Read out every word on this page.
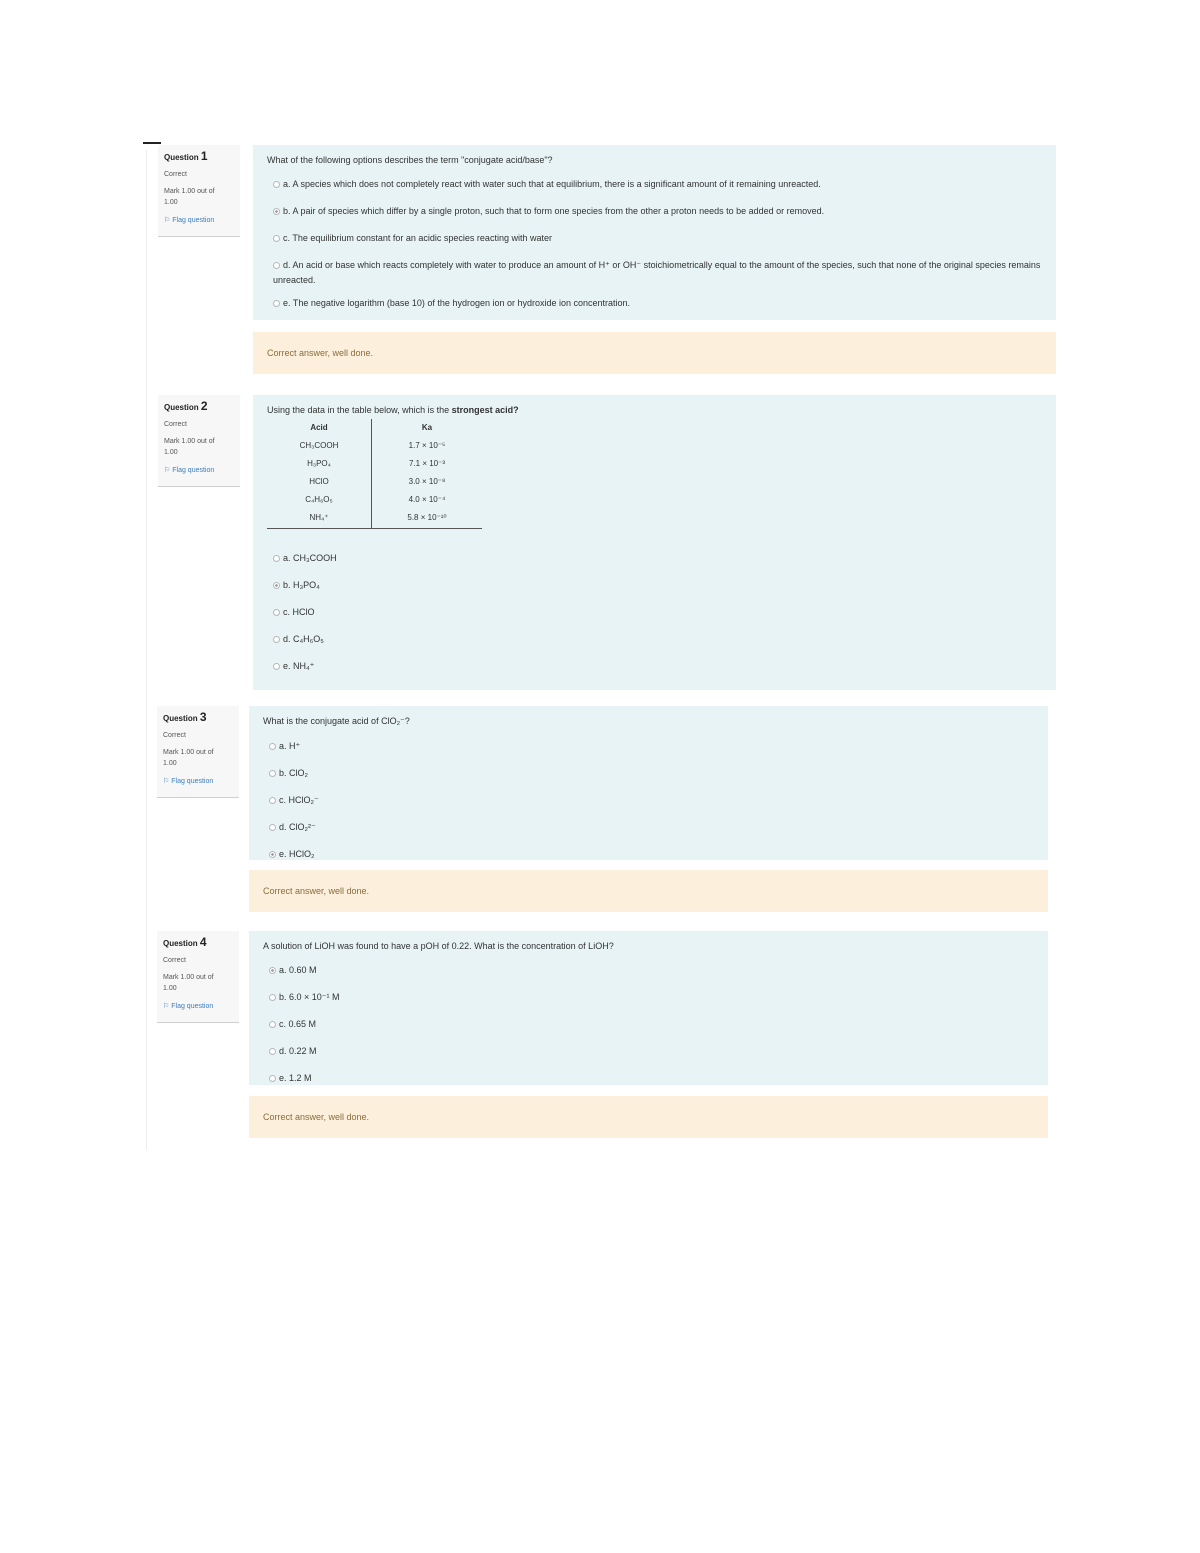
Question 1
Correct
Mark 1.00 out of 1.00
⚐ Flag question
What of the following options describes the term "conjugate acid/base"?
a. A species which does not completely react with water such that at equilibrium, there is a significant amount of it remaining unreacted.
b. A pair of species which differ by a single proton, such that to form one species from the other a proton needs to be added or removed.
c. The equilibrium constant for an acidic species reacting with water
d. An acid or base which reacts completely with water to produce an amount of H⁺ or OH⁻ stoichiometrically equal to the amount of the species, such that none of the original species remains unreacted.
e. The negative logarithm (base 10) of the hydrogen ion or hydroxide ion concentration.
Correct answer, well done.
Question 2
Correct
Mark 1.00 out of 1.00
⚐ Flag question
Using the data in the table below, which is the strongest acid?
Acid	Ka
CH₃COOH	1.7 × 10⁻⁵
H₃PO₄	7.1 × 10⁻³
HClO	3.0 × 10⁻⁸
C₄H₆O₅	4.0 × 10⁻⁴
NH₄⁺	5.8 × 10⁻¹⁰
a. CH₃COOH
b. H₃PO₄
c. HClO
d. C₄H₆O₅
e. NH₄⁺
Question 3
Correct
Mark 1.00 out of 1.00
⚐ Flag question
What is the conjugate acid of ClO₂⁻?
a. H⁺
b. ClO₂
c. HClO₂⁻
d. ClO₂²⁻
e. HClO₂
Correct answer, well done.
Question 4
Correct
Mark 1.00 out of 1.00
⚐ Flag question
A solution of LiOH was found to have a pOH of 0.22. What is the concentration of LiOH?
a. 0.60 M
b. 6.0 × 10⁻¹ M
c. 0.65 M
d. 0.22 M
e. 1.2 M
Correct answer, well done.
